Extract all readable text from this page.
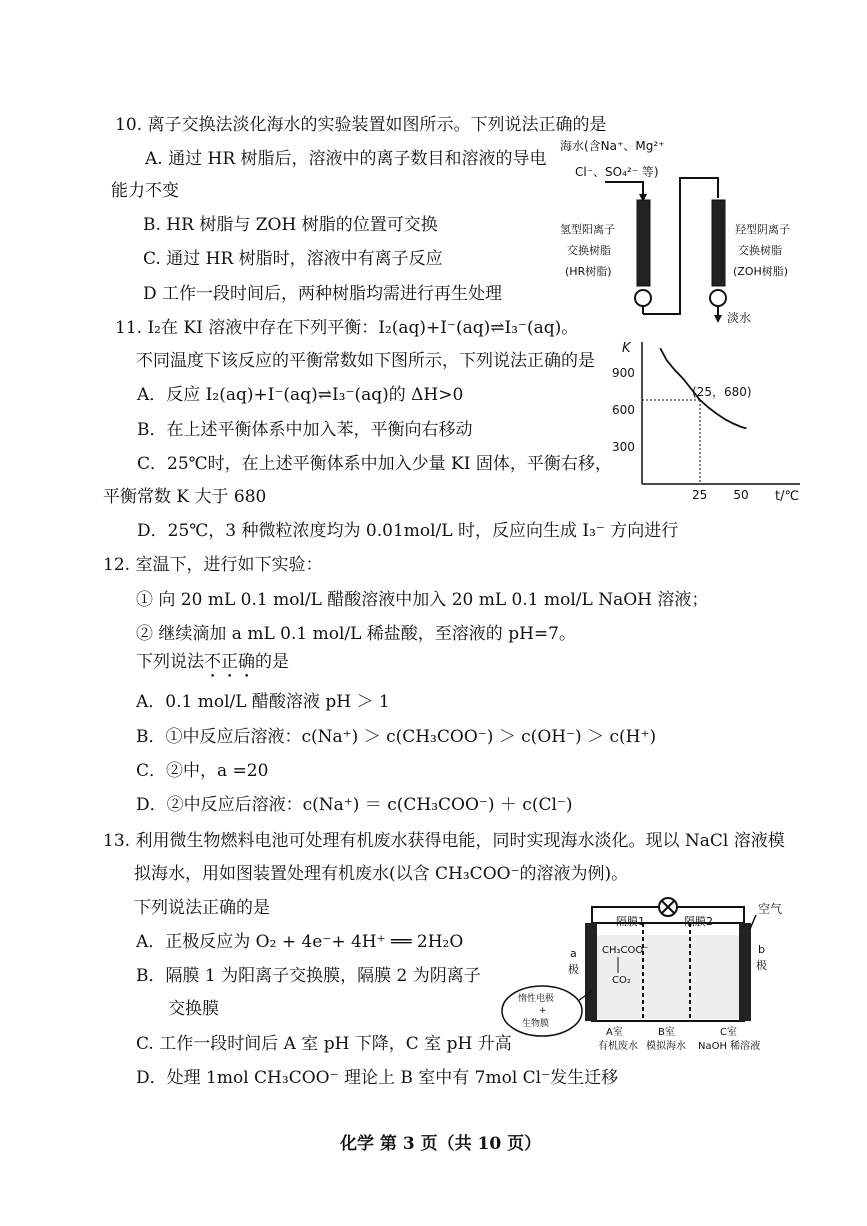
10. 离子交换法淡化海水的实验装置如图所示。下列说法正确的是
A. 通过 HR 树脂后，溶液中的离子数目和溶液的导电
能力不变
B. HR 树脂与 ZOH 树脂的位置可交换
C. 通过 HR 树脂时，溶液中有离子反应
D 工作一段时间后，两种树脂均需进行再生处理
海水(含Na⁺、Mg²⁺
Cl⁻、SO₄²⁻ 等)
淡水
氢型阳离子
交换树脂
(HR树脂)
羟型阴离子
交换树脂
(ZOH树脂)
11. I₂在 KI 溶液中存在下列平衡：I₂(aq)+I⁻(aq)⇌I₃⁻(aq)。
不同温度下该反应的平衡常数如下图所示，下列说法正确的是
A．反应 I₂(aq)+I⁻(aq)⇌I₃⁻(aq)的 ΔH>0
B．在上述平衡体系中加入苯，平衡向右移动
C．25℃时，在上述平衡体系中加入少量 KI 固体，平衡右移，
平衡常数 K 大于 680
D．25℃，3 种微粒浓度均为 0.01mol/L 时，反应向生成 I₃⁻ 方向进行
K
t/℃
900
600
300
25 50
(25，680)
12. 室温下，进行如下实验：
① 向 20 mL 0.1 mol/L 醋酸溶液中加入 20 mL 0.1 mol/L NaOH 溶液；
② 继续滴加 a mL 0.1 mol/L 稀盐酸，至溶液的 pH=7。
下列说法不正确的是
A．0.1 mol/L 醋酸溶液 pH ＞ 1
B．①中反应后溶液：c(Na⁺) ＞ c(CH₃COO⁻) ＞ c(OH⁻) ＞ c(H⁺)
C．②中，a =20
D．②中反应后溶液：c(Na⁺) ＝ c(CH₃COO⁻) ＋ c(Cl⁻)
13. 利用微生物燃料电池可处理有机废水获得电能，同时实现海水淡化。现以 NaCl 溶液模
拟海水，用如图装置处理有机废水(以含 CH₃COO⁻的溶液为例)。
下列说法正确的是
A．正极反应为 O₂ + 4e⁻+ 4H⁺ ══ 2H₂O
B．隔膜 1 为阳离子交换膜，隔膜 2 为阴离子
交换膜
C. 工作一段时间后 A 室 pH 下降，C 室 pH 升高
D．处理 1mol CH₃COO⁻ 理论上 B 室中有 7mol Cl⁻发生迁移
隔膜1	隔膜2
空气
a
极
b
极
CH₃COO⁻
CO₂
惰性电极
+
生物膜
A室
有机废水
B室
模拟海水
C室
NaOH 稀溶液
化学 第 3 页（共 10 页）
